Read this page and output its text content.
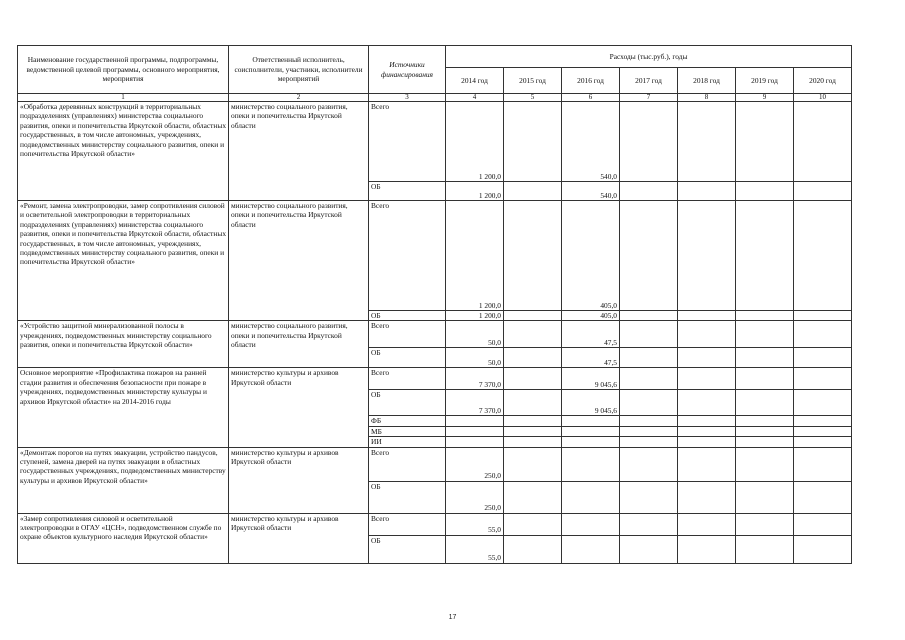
Наименование государственной программы, подпрограммы, ведомственной целевой программы, основного мероприятия, мероприятия	Ответственный исполнитель, соисполнители, участники, исполнители мероприятий	Источники финансирования	Расходы (тыс.руб.), годы						
			2014 год	2015 год	2016 год	2017 год	2018 год	2019 год	2020 год
1	2	3	4	5	6	7	8	9	10
«Обработка деревянных конструкций в территориальных подразделениях (управлениях) министерства социального развития, опеки и попечительства Иркутской области, областных государственных, в том числе автономных, учреждениях, подведомственных министерству социального развития, опеки и попечительства Иркутской области»	министерство социального развития, опеки и попечительства Иркутской области	Всего	1 200,0		540,0				
		ОБ	1 200,0		540,0				
«Ремонт, замена электропроводки, замер сопротивления силовой и осветительной электропроводки в территориальных подразделениях (управлениях) министерства социального развития, опеки и попечительства Иркутской области, областных государственных, в том числе автономных, учреждениях, подведомственных министерству социального развития, опеки и попечительства Иркутской области»	министерство социального развития, опеки и попечительства Иркутской области	Всего	1 200,0		405,0				
		ОБ	1 200,0		405,0				
«Устройство защитной минерализованной полосы в учреждениях, подведомственных министерству социального развития, опеки и попечительства Иркутской области»	министерство социального развития, опеки и попечительства Иркутской области	Всего	50,0		47,5				
		ОБ	50,0		47,5				
Основное мероприятие «Профилактика пожаров на ранней стадии развития и обеспечения безопасности при пожаре в учреждениях, подведомственных министерству культуры и архивов Иркутской области» на 2014-2016 годы	министерство культуры и архивов Иркутской области	Всего	7 370,0		9 045,6				
		ОБ	7 370,0		9 045,6				
		ФБ							
		МБ							
		ИИ							
«Демонтаж порогов на путях эвакуации, устройство пандусов, ступеней, замена дверей на путях эвакуации в областных государственных учреждениях, подведомственных министерству культуры и архивов Иркутской области»	министерство культуры и архивов Иркутской области	Всего	250,0						
		ОБ	250,0						
«Замер сопротивления силовой и осветительной электропроводки в ОГАУ «ЦСН», подведомственном службе по охране объектов культурного наследия Иркутской области»	министерство культуры и архивов Иркутской области	Всего	55,0						
		ОБ	55,0						
17
